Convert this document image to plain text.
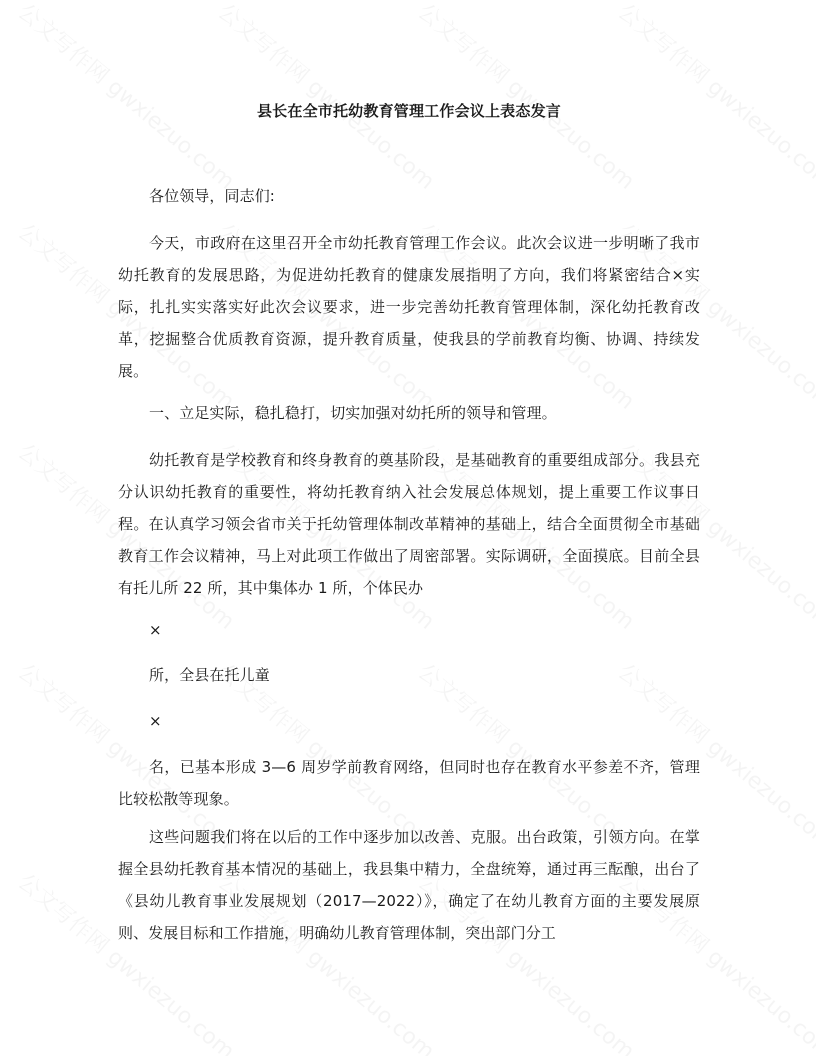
县长在全市托幼教育管理工作会议上表态发言

各位领导，同志们:

今天，市政府在这里召开全市幼托教育管理工作会议。此次会议进一步明晰了我市幼托教育的发展思路，为促进幼托教育的健康发展指明了方向，我们将紧密结合×实际，扎扎实实落实好此次会议要求，进一步完善幼托教育管理体制，深化幼托教育改革，挖掘整合优质教育资源，提升教育质量，使我县的学前教育均衡、协调、持续发展。

一、立足实际，稳扎稳打，切实加强对幼托所的领导和管理。

幼托教育是学校教育和终身教育的奠基阶段，是基础教育的重要组成部分。我县充分认识幼托教育的重要性，将幼托教育纳入社会发展总体规划，提上重要工作议事日程。在认真学习领会省市关于托幼管理体制改革精神的基础上，结合全面贯彻全市基础教育工作会议精神，马上对此项工作做出了周密部署。实际调研，全面摸底。目前全县有托儿所 22 所，其中集体办 1 所，个体民办

×

所，全县在托儿童

×

名，已基本形成 3—6 周岁学前教育网络，但同时也存在教育水平参差不齐，管理比较松散等现象。

这些问题我们将在以后的工作中逐步加以改善、克服。出台政策，引领方向。在掌握全县幼托教育基本情况的基础上，我县集中精力，全盘统筹，通过再三酝酿，出台了《县幼儿教育事业发展规划（2017—2022）》，确定了在幼儿教育方面的主要发展原则、发展目标和工作措施，明确幼儿教育管理体制，突出部门分工
